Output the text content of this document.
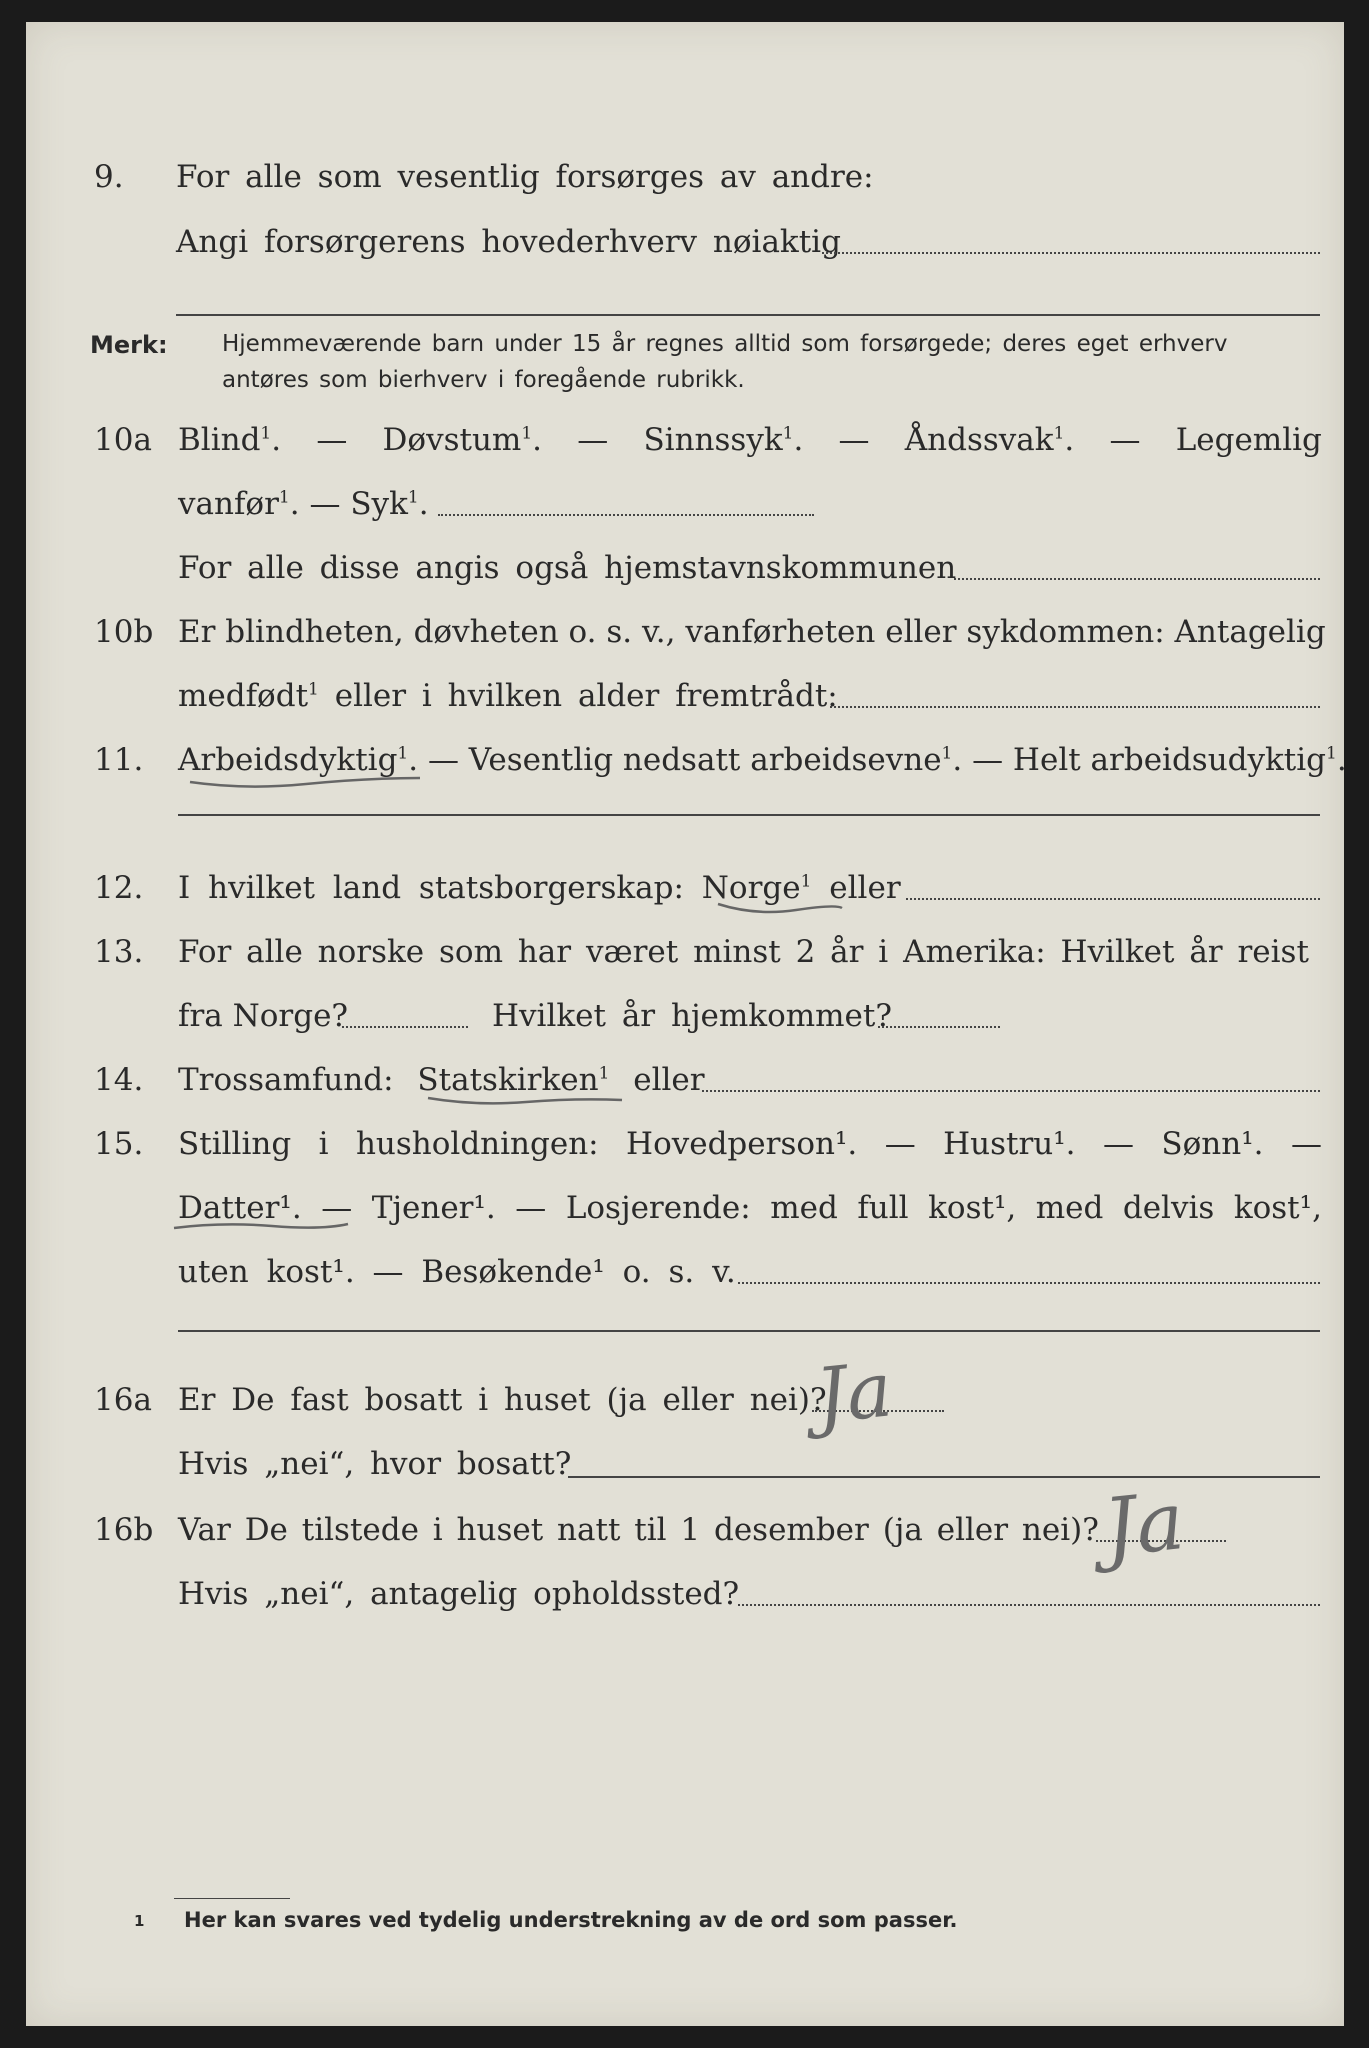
9. For alle som vesentlig forsørges av andre:
Angi forsørgerens hovederhverv nøiaktig
Merk: Hjemmeværende barn under 15 år regnes alltid som forsørgede; deres eget erhverv
antøres som bierhverv i foregående rubrikk.
10a Blind$^1$. — Døvstum$^1$. — Sinnssyk$^1$. — Åndssvak$^1$. — Legemlig
vanfør$^1$. — Syk$^1$.
For alle disse angis også hjemstavnskommunen
10b Er blindheten, døvheten o. s. v., vanførheten eller sykdommen: Antagelig
medfødt$^1$ eller i hvilken alder fremtrådt:
11. Arbeidsdyktig$^1$. — Vesentlig nedsatt arbeidsevne$^1$. — Helt arbeidsudyktig$^1$.
12. I hvilket land statsborgerskap: Norge$^1$ eller
13. For alle norske som har været minst 2 år i Amerika: Hvilket år reist
fra Norge?	Hvilket år hjemkommet?
14. Trossamfund: Statskirken$^1$ eller
15. Stilling i husholdningen: Hovedperson¹. — Hustru¹. — Sønn¹. —
Datter¹. — Tjener¹. — Losjerende: med full kost¹, med delvis kost¹,
uten kost¹. — Besøkende¹ o. s. v.
16a Er De fast bosatt i huset (ja eller nei)?
Ja
Hvis „nei“, hvor bosatt?
16b Var De tilstede i huset natt til 1 desember (ja eller nei)? Ja
Hvis „nei“, antagelig opholdssted?
1 Her kan svares ved tydelig understrekning av de ord som passer.
